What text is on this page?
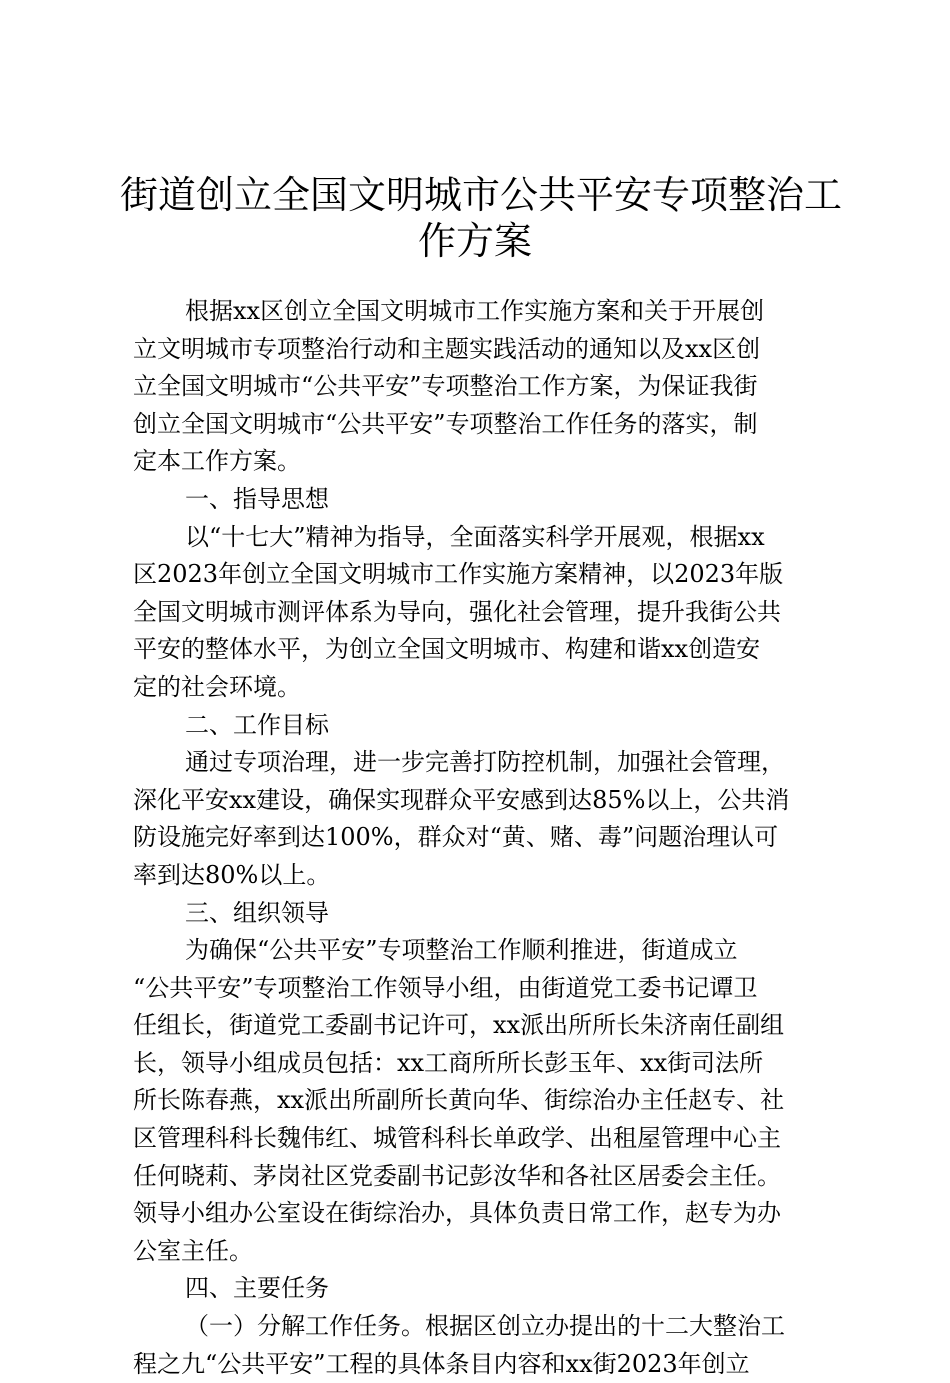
街道创立全国文明城市公共平安专项整治工
作方案
根据xx区创立全国文明城市工作实施方案和关于开展创
立文明城市专项整治行动和主题实践活动的通知以及xx区创
立全国文明城市“公共平安”专项整治工作方案，为保证我街
创立全国文明城市“公共平安”专项整治工作任务的落实，制
定本工作方案。
一、指导思想
以“十七大”精神为指导，全面落实科学开展观，根据xx
区2023年创立全国文明城市工作实施方案精神，以2023年版
全国文明城市测评体系为导向，强化社会管理，提升我街公共
平安的整体水平，为创立全国文明城市、构建和谐xx创造安
定的社会环境。
二、工作目标
通过专项治理，进一步完善打防控机制，加强社会管理，
深化平安xx建设，确保实现群众平安感到达85%以上，公共消
防设施完好率到达100%，群众对“黄、赌、毒”问题治理认可
率到达80%以上。
三、组织领导
为确保“公共平安”专项整治工作顺利推进，街道成立
“公共平安”专项整治工作领导小组，由街道党工委书记谭卫
任组长，街道党工委副书记许可，xx派出所所长朱济南任副组
长，领导小组成员包括：xx工商所所长彭玉年、xx街司法所
所长陈春燕，xx派出所副所长黄向华、街综治办主任赵专、社
区管理科科长魏伟红、城管科科长单政学、出租屋管理中心主
任何晓莉、茅岗社区党委副书记彭汝华和各社区居委会主任。
领导小组办公室设在街综治办，具体负责日常工作，赵专为办
公室主任。
四、主要任务
（一）分解工作任务。根据区创立办提出的十二大整治工
程之九“公共平安”工程的具体条目内容和xx街2023年创立
